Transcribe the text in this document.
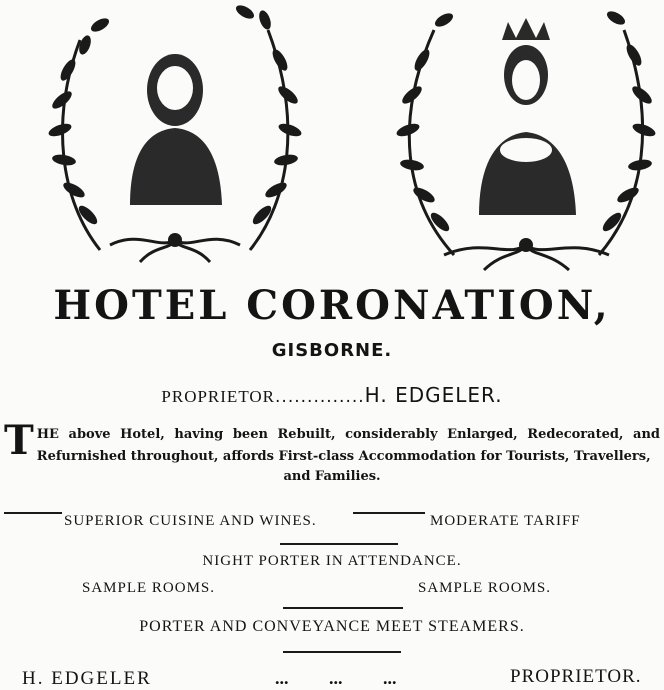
HOTEL CORONATION,
GISBORNE.
PROPRIETOR..............H. EDGELER.
T HE above Hotel, having been Rebuilt, considerably Enlarged, Redecorated, and Refurnished throughout, affords First-class Accommodation for Tourists, Travellers,
and Families.
SUPERIOR CUISINE AND WINES.	MODERATE TARIFF
NIGHT PORTER IN ATTENDANCE.
SAMPLE ROOMS.	SAMPLE ROOMS.
PORTER AND CONVEYANCE MEET STEAMERS.
H. EDGELER	... ... ...	PROPRIETOR.
